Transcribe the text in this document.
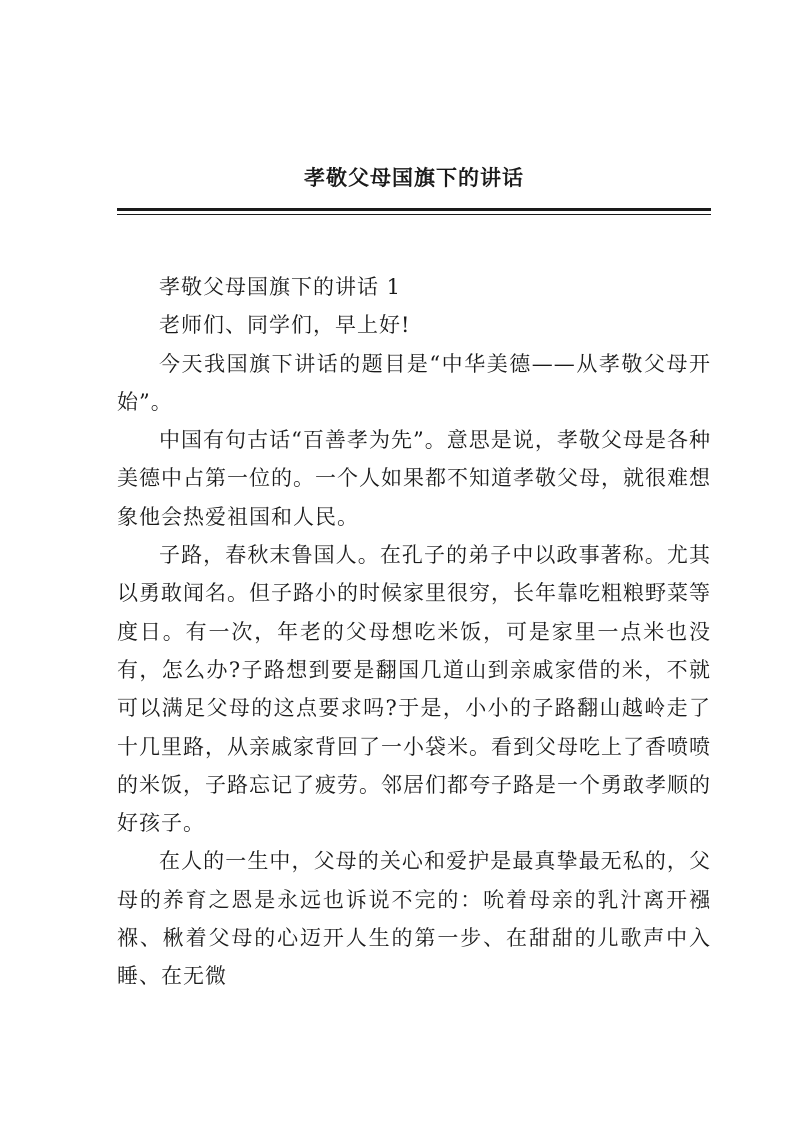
孝敬父母国旗下的讲话

孝敬父母国旗下的讲话 1

老师们、同学们，早上好!

今天我国旗下讲话的题目是“中华美德——从孝敬父母开始”。

中国有句古话“百善孝为先”。意思是说，孝敬父母是各种美德中占第一位的。一个人如果都不知道孝敬父母，就很难想象他会热爱祖国和人民。

子路，春秋末鲁国人。在孔子的弟子中以政事著称。尤其以勇敢闻名。但子路小的时候家里很穷，长年靠吃粗粮野菜等度日。有一次，年老的父母想吃米饭，可是家里一点米也没有，怎么办?子路想到要是翻国几道山到亲戚家借的米，不就可以满足父母的这点要求吗?于是，小小的子路翻山越岭走了十几里路，从亲戚家背回了一小袋米。看到父母吃上了香喷喷的米饭，子路忘记了疲劳。邻居们都夸子路是一个勇敢孝顺的好孩子。

在人的一生中，父母的关心和爱护是最真挚最无私的，父母的养育之恩是永远也诉说不完的：吮着母亲的乳汁离开襁褓、楸着父母的心迈开人生的第一步、在甜甜的儿歌声中入睡、在无微
